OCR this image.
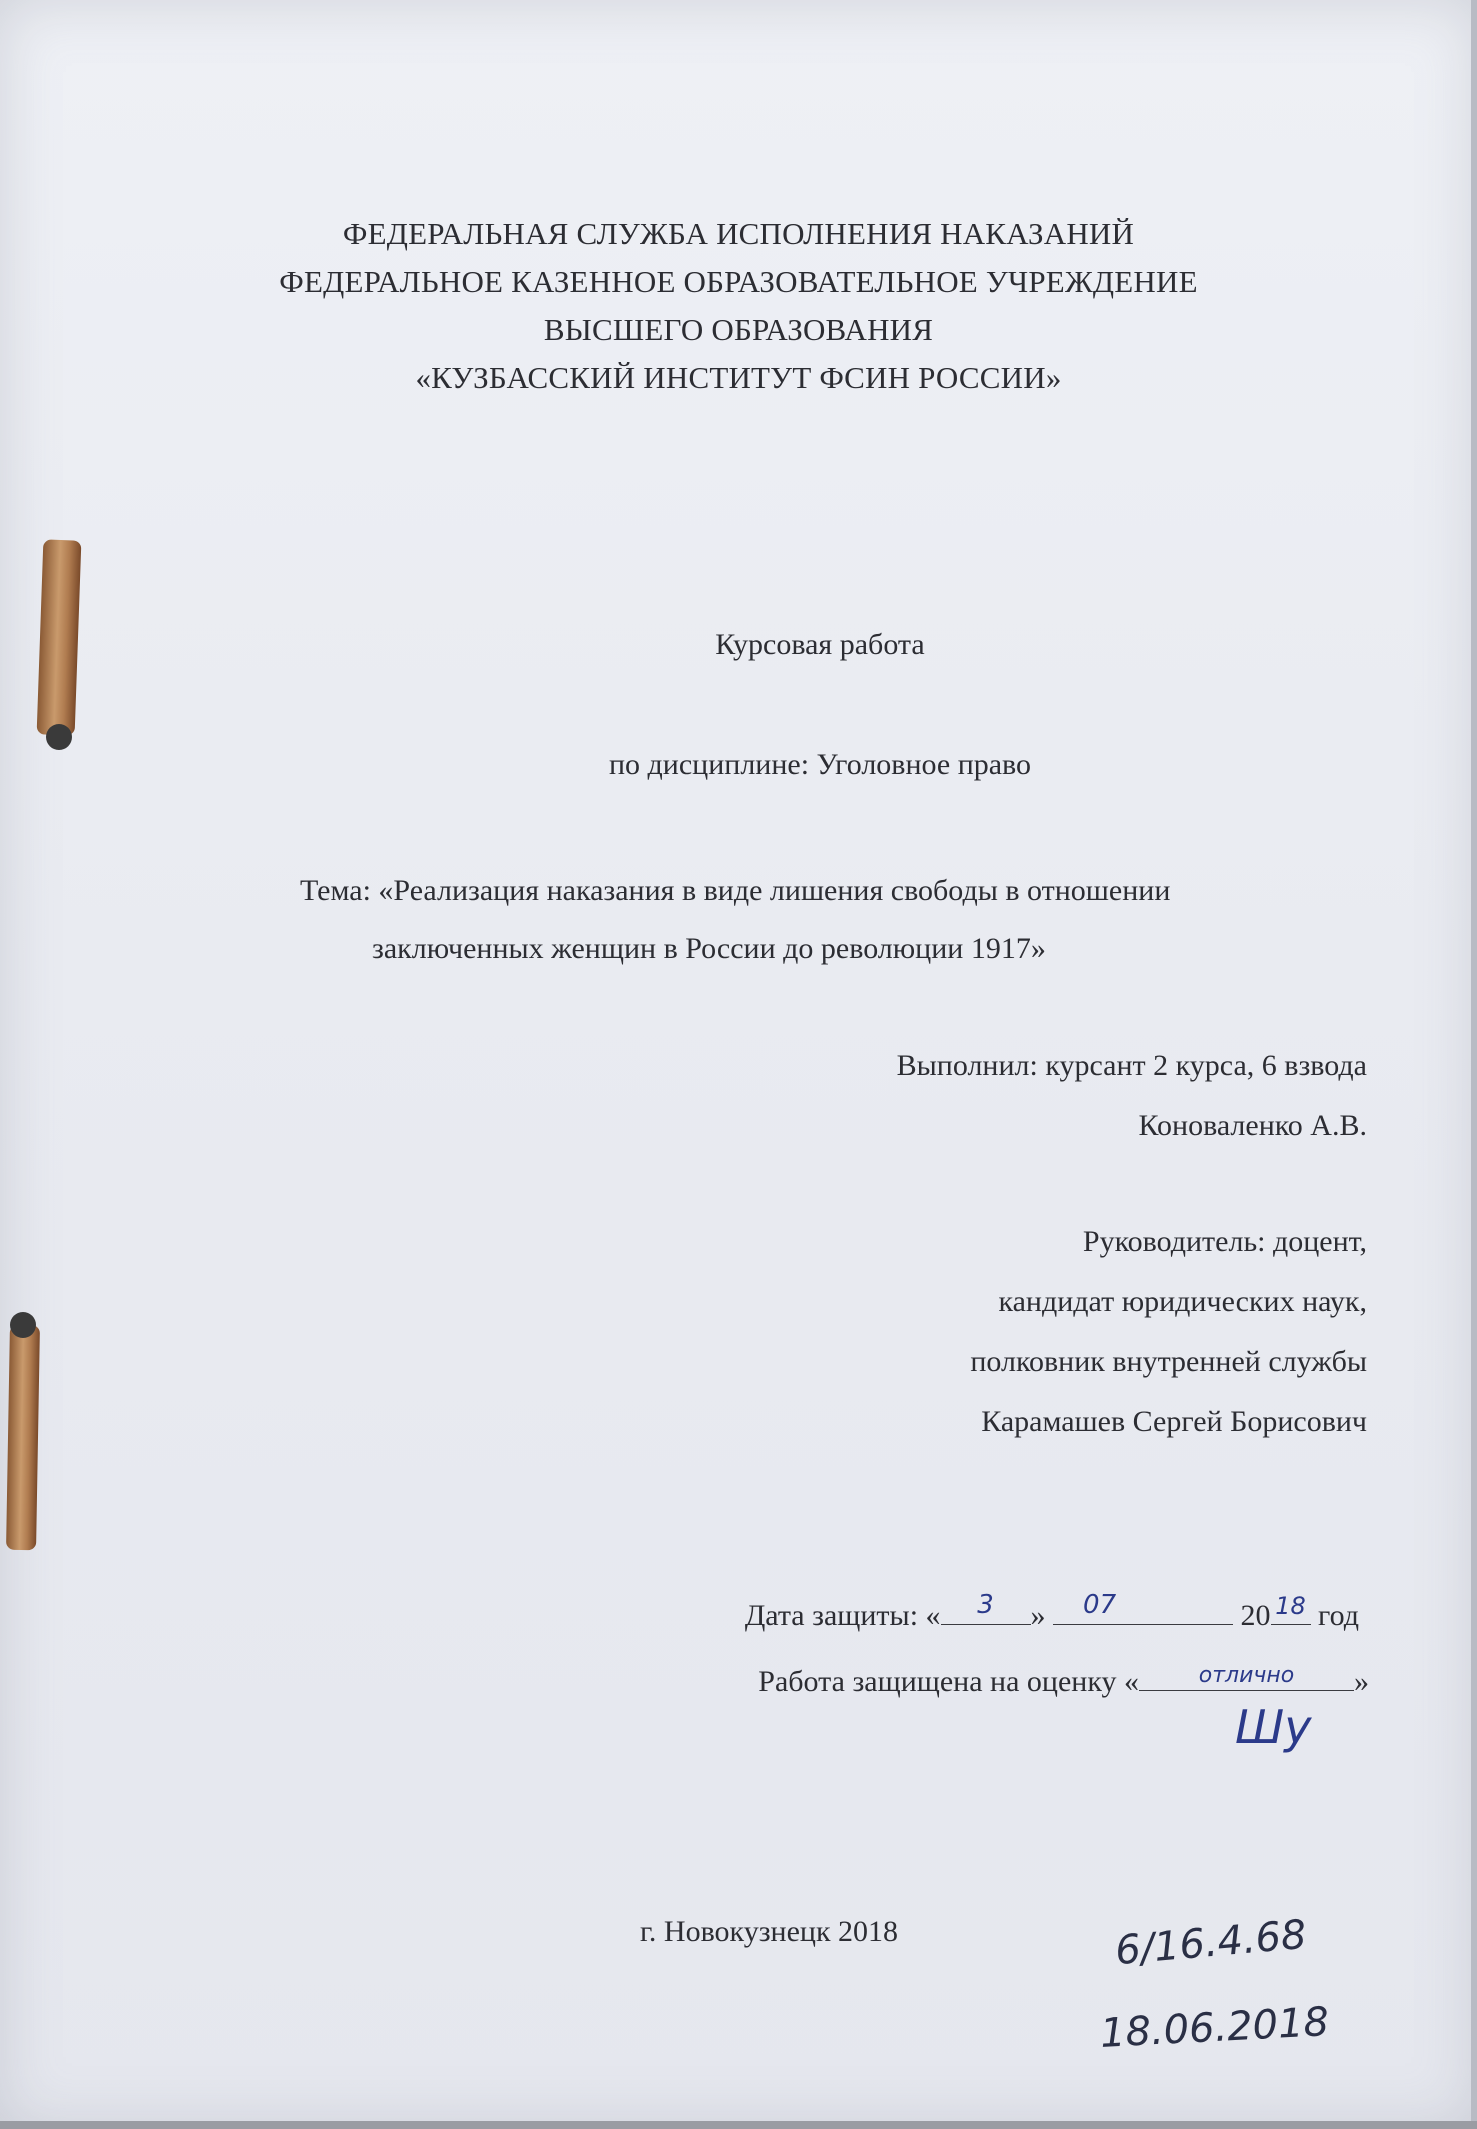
ФЕДЕРАЛЬНАЯ СЛУЖБА ИСПОЛНЕНИЯ НАКАЗАНИЙ
ФЕДЕРАЛЬНОЕ КАЗЕННОЕ ОБРАЗОВАТЕЛЬНОЕ УЧРЕЖДЕНИЕ
ВЫСШЕГО ОБРАЗОВАНИЯ
«КУЗБАССКИЙ ИНСТИТУТ ФСИН РОССИИ»
Курсовая работа
по дисциплине: Уголовное право
Тема: «Реализация наказания в виде лишения свободы в отношении
заключенных женщин в России до революции 1917»
Выполнил: курсант 2 курса, 6 взвода
Коноваленко А.В.
Руководитель: доцент,
кандидат юридических наук,
полковник внутренней службы
Карамашев Сергей Борисович
Дата защиты: «	3	»	07	20 18 год
Работа защищена на оценку «	отлично	»
Шу
г. Новокузнецк 2018	6/16.4.68
18.06.2018
